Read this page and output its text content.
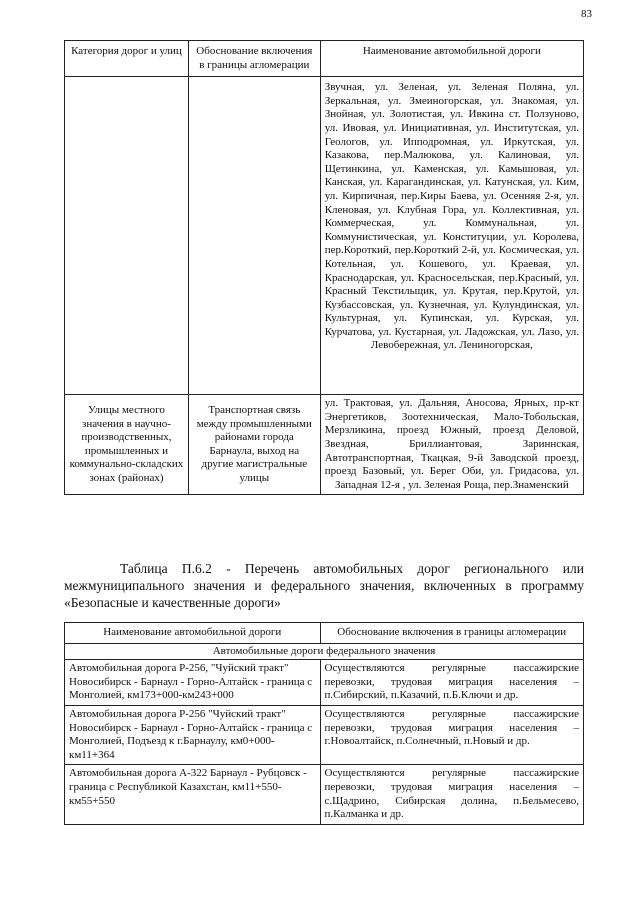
83
Категория дорог и улиц	Обоснование включения в границы агломерации	Наименование автомобильной дороги
		Звучная, ул. Зеленая, ул. Зеленая Поляна, ул. Зеркальная, ул. Змеиногорская, ул. Знакомая, ул. Знойная, ул. Золотистая, ул. Ивкина ст. Ползуново, ул. Ивовая, ул. Инициативная, ул. Институтская, ул. Геологов, ул. Ипподромная, ул. Иркутская, ул. Казакова, пер.Малюкова, ул. Калиновая, ул. Щетинкина, ул. Каменская, ул. Камышовая, ул. Канская, ул. Карагандинская, ул. Катунская, ул. Ким, ул. Кирпичная, пер.Киры Баева, ул. Осенняя 2-я, ул. Кленовая, ул. Клубная Гора, ул. Коллективная, ул. Коммерческая, ул. Коммунальная, ул. Коммунистическая, ул. Конституции, ул. Королева, пер.Короткий, пер.Короткий 2-й, ул. Космическая, ул. Котельная, ул. Кошевого, ул. Краевая, ул. Краснодарская, ул. Красносельская, пер.Красный, ул. Красный Текстильщик, ул. Крутая, пер.Крутой, ул. Кузбассовская, ул. Кузнечная, ул. Кулундинская, ул. Культурная, ул. Купинская, ул. Курская, ул. Курчатова, ул. Кустарная, ул. Ладожская, ул. Лазо, ул. Левобережная, ул. Лениногорская,
Улицы местного значения в научно-производственных, промышленных и коммунально-складских зонах (районах)	Транспортная связь между промышленными районами города Барнаула, выход на другие магистральные улицы	ул. Трактовая, ул. Дальняя, Аносова, Ярных, пр-кт Энергетиков, Зоотехническая, Мало-Тобольская, Мерзликина, проезд Южный, проезд Деловой, Звездная, Бриллиантовая, Зариннская, Автотранспортная, Ткацкая, 9-й Заводской проезд, проезд Базовый, ул. Берег Оби, ул. Гридасова, ул. Западная 12-я , ул. Зеленая Роща, пер.Знаменский

Таблица П.6.2 - Перечень автомобильных дорог регионального или межмуниципального значения и федерального значения, включенных в программу «Безопасные и качественные дороги»

Наименование автомобильной дороги	Обоснование включения в границы агломерации
Автомобильные дороги федерального значения	
Автомобильная дорога Р-256, "Чуйский тракт" Новосибирск - Барнаул - Горно-Алтайск - граница с Монголией, км173+000-км243+000	Осуществляются регулярные пассажирские перевозки, трудовая миграция населения – п.Сибирский, п.Казачий, п.Б.Ключи и др.
Автомобильная дорога Р-256 "Чуйский тракт" Новосибирск - Барнаул - Горно-Алтайск - граница с Монголией, Подъезд к г.Барнаулу, км0+000-км11+364	Осуществляются регулярные пассажирские перевозки, трудовая миграция населения – г.Новоалтайск, п.Солнечный, п.Новый и др.
Автомобильная дорога А-322 Барнаул - Рубцовск - граница с Республикой Казахстан, км11+550-км55+550	Осуществляются регулярные пассажирские перевозки, трудовая миграция населения – с.Щадрино, Сибирская долина, п.Бельмесево, п.Калманка и др.
